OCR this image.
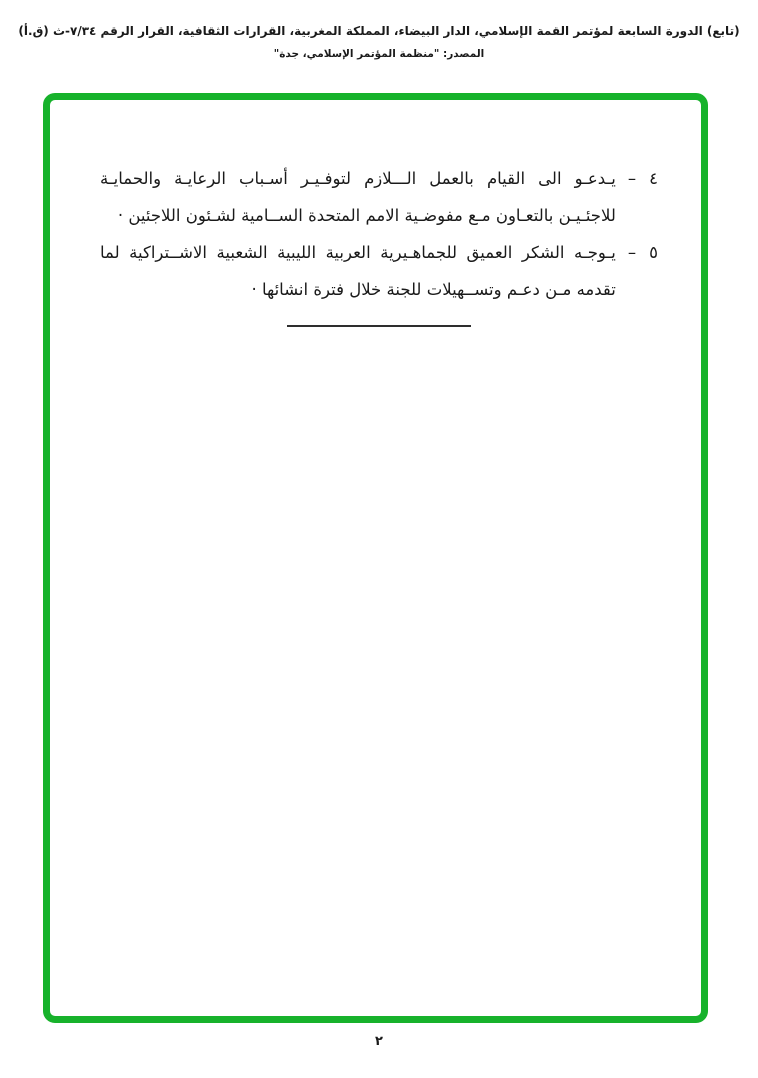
(تابع) الدورة السابعة لمؤتمر القمة الإسلامي، الدار البيضاء، المملكة المغربية، القرارات الثقافية، القرار الرقم ٧/٣٤-ث (ق.أ)
المصدر: "منظمة المؤتمر الإسلامي، جدة"
٤
–
يـدعـو الى القيام بالعمل الـــلازم لتوفـيـر أسـباب الرعايـة والحمايـة للاجئـيـن بالتعـاون مـع مفوضـية الامم المتحدة الســامية لشـئون اللاجئين ·
٥
–
يـوجـه الشكر العميق للجماهـيرية العربية الليبية الشعبية الاشــتراكية لما تقدمه مـن دعـم وتســهيلات للجنة خلال فترة انشائها ·
٢
